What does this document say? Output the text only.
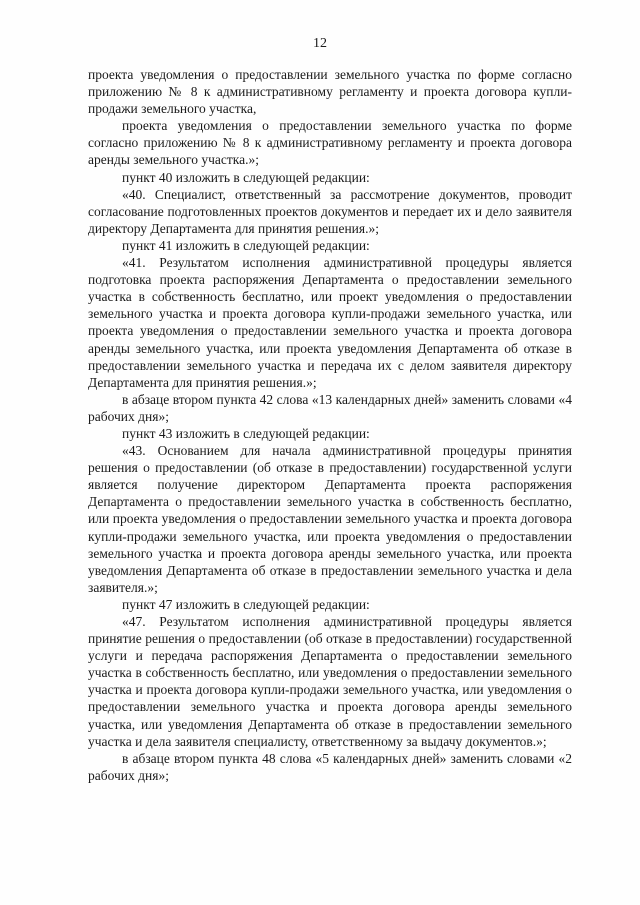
12

проекта уведомления о предоставлении земельного участка по форме согласно приложению № 8 к административному регламенту и проекта договора купли-продажи земельного участка,

проекта уведомления о предоставлении земельного участка по форме согласно приложению № 8 к административному регламенту и проекта договора аренды земельного участка.»;

пункт 40 изложить в следующей редакции:

«40. Специалист, ответственный за рассмотрение документов, проводит согласование подготовленных проектов документов и передает их и дело заявителя директору Департамента для принятия решения.»;

пункт 41 изложить в следующей редакции:

«41. Результатом исполнения административной процедуры является подготовка проекта распоряжения Департамента о предоставлении земельного участка в собственность бесплатно, или проект уведомления о предоставлении земельного участка и проекта договора купли-продажи земельного участка, или проекта уведомления о предоставлении земельного участка и проекта договора аренды земельного участка, или проекта уведомления Департамента об отказе в предоставлении земельного участка и передача их с делом заявителя директору Департамента для принятия решения.»;

в абзаце втором пункта 42 слова «13 календарных дней» заменить словами «4 рабочих дня»;

пункт 43 изложить в следующей редакции:

«43. Основанием для начала административной процедуры принятия решения о предоставлении (об отказе в предоставлении) государственной услуги является получение директором Департамента проекта распоряжения Департамента о предоставлении земельного участка в собственность бесплатно, или проекта уведомления о предоставлении земельного участка и проекта договора купли-продажи земельного участка, или проекта уведомления о предоставлении земельного участка и проекта договора аренды земельного участка, или проекта уведомления Департамента об отказе в предоставлении земельного участка и дела заявителя.»;

пункт 47 изложить в следующей редакции:

«47. Результатом исполнения административной процедуры является принятие решения о предоставлении (об отказе в предоставлении) государственной услуги и передача распоряжения Департамента о предоставлении земельного участка в собственность бесплатно, или уведомления о предоставлении земельного участка и проекта договора купли-продажи земельного участка, или уведомления о предоставлении земельного участка и проекта договора аренды земельного участка, или уведомления Департамента об отказе в предоставлении земельного участка и дела заявителя специалисту, ответственному за выдачу документов.»;

в абзаце втором пункта 48 слова «5 календарных дней» заменить словами «2 рабочих дня»;
